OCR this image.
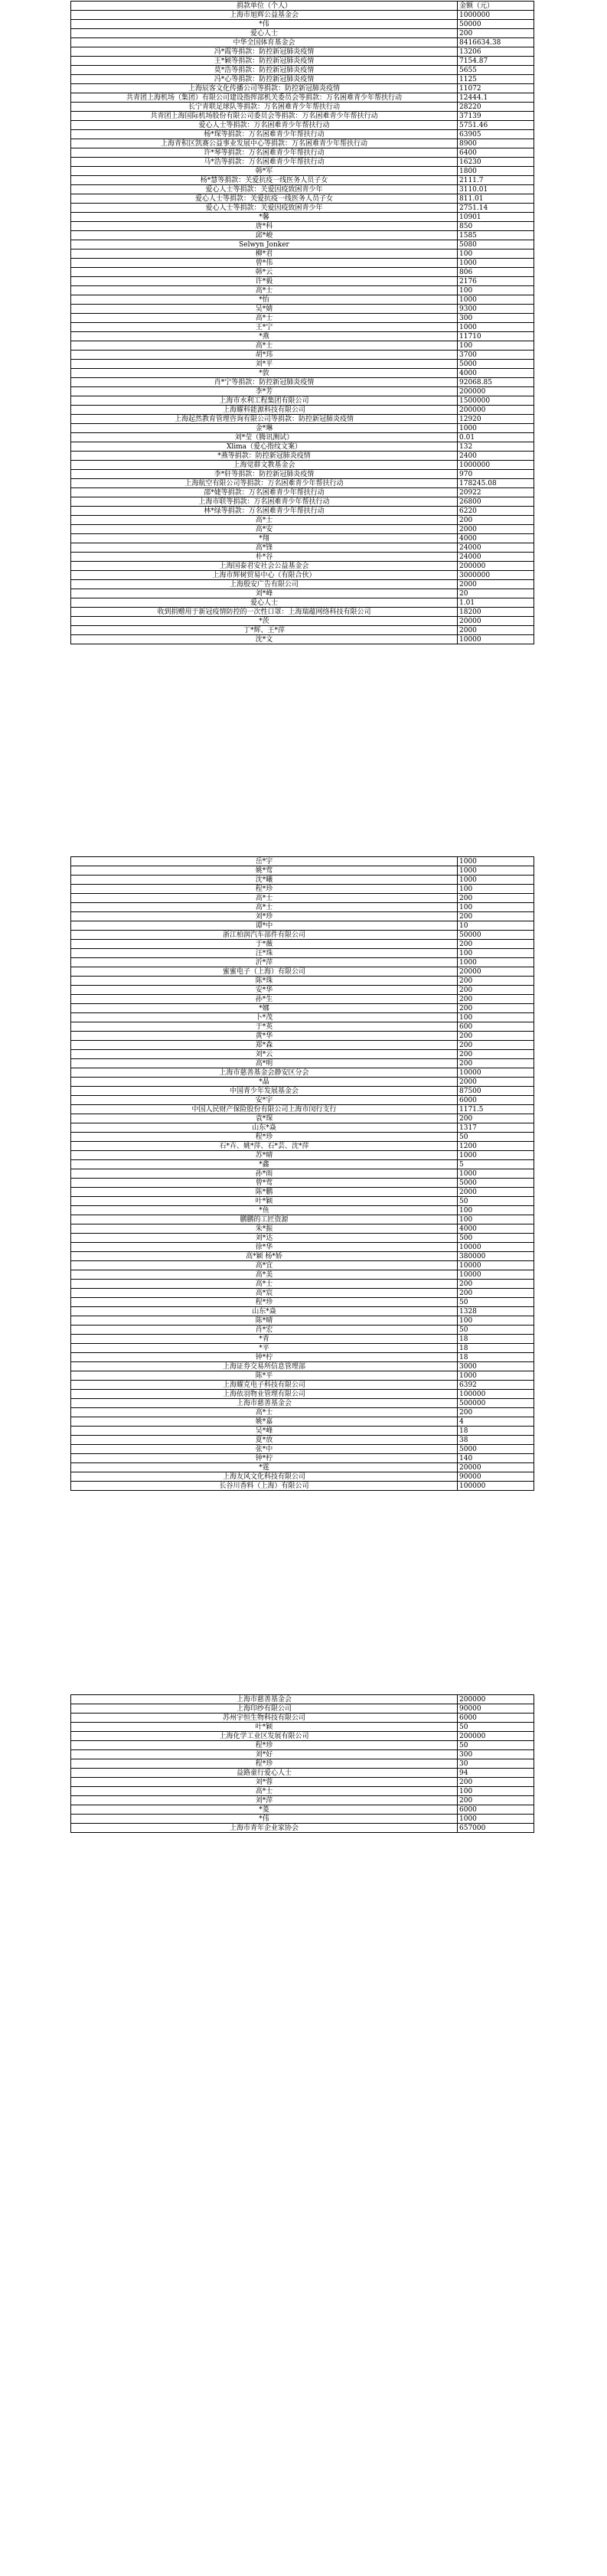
捐款单位（个人）	金额（元）
上海市旭辉公益基金会	1000000
*伟	50000
爱心人士	200
中华全国体育基金会	8416634.38
冯*霞等捐款：防控新冠肺炎疫情	13206
王*颖等捐款：防控新冠肺炎疫情	7154.87
莫*浩等捐款：防控新冠肺炎疫情	5655
冯*心等捐款：防控新冠肺炎疫情	1125
上海辰客文化传播公司等捐款：防控新冠肺炎疫情	11072
共青团上海机场（集团）有限公司建设指挥部机关委员会等捐款：万名困难青少年帮扶行动	12444.1
长宁青联足球队等捐款：万名困难青少年帮扶行动	28220
共青团上海国际机场股份有限公司委员会等捐款：万名困难青少年帮扶行动	37139
爱心人士等捐款：万名困难青少年帮扶行动	5751.46
杨*琛等捐款：万名困难青少年帮扶行动	63905
上海青积区凯赛公益事业发展中心等捐款：万名困难青少年帮扶行动	8900
许*琴等捐款：万名困难青少年帮扶行动	6400
马*浩等捐款：万名困难青少年帮扶行动	16230
韩*军	1800
杨*慧等捐款：关爱抗疫一线医务人员子女	2111.7
爱心人士等捐款：关爱因疫致困青少年	3110.01
爱心人士等捐款：关爱抗疫一线医务人员子女	811.01
爱心人士等捐款：关爱因疫致困青少年	2751.14
*馨	10901
唐*科	850
邱*峻	1585
Selwyn Jonker	5080
柳*君	100
曾*伟	1000
韩*云	806
许*毅	2176
高*士	100
*怡	1000
吴*婧	9300
高*士	300
王*宁	1000
*燕	11710
高*士	100
胡*玮	3700
刘*平	5000
*敦	4000
肖*宁等捐款：防控新冠肺炎疫情	92068.85
李*芳	200000
上海市水利工程集团有限公司	1500000
上海耀科能源科技有限公司	200000
上海起然教育管理咨询有限公司等捐款：防控新冠肺炎疫情	12920
金*琳	1000
刘*莹（腾讯测试）	0.01
Xlima（爱心指纹文案）	132
*燕等捐款：防控新冠肺炎疫情	2400
上海觉群文教基金会	1000000
李*轩等捐款：防控新冠肺炎疫情	970
上海航空有限公司等捐款：万名困难青少年帮扶行动	178245.08
邵*婕等捐款：万名困难青少年帮扶行动	20922
上海市联等捐款：万名困难青少年帮扶行动	26800
林*绿等捐款：万名困难青少年帮扶行动	6220
高*士	200
高*安	2000
*翔	4000
高*锋	24000
朴*谷	24000
上海国泰君安社会公益基金会	200000
上海市辉树贸易中心（有限合伙）	3000000
上海殷安广告有限公司	2000
刘*峰	20
爱心人士	1.01
收到捐赠用于新冠疫情防控的一次性口罩：上海瑞蕴网络科技有限公司	18200
*茨	20000
丁*辉、王*萍	2000
沈*文	10000
岳*宇	1000
姚*莺	1000
沈*曦	1000
程*珍	100
高*士	200
高*士	100
刘*珍	200
谭*中	10
浙江柏润汽车部件有限公司	50000
于*薇	200
汪*珠	100
沂*萍	1000
蜜蜜电子（上海）有限公司	20000
陈*珠	200
安*华	200
孙*生	200
*娜	200
卜*茂	100
于*英	600
黄*华	200
郑*森	200
刘*云	200
高*明	200
上海市慈善基金会静安区分会	10000
*晶	2000
中国青少年发展基金会	87500
安*宇	6000
中国人民财产保险股份有限公司上海市闵行支行	1171.5
袁*琛	200
山东*焱	1317
程*珍	50
石*卉、姚*萍、石*芸、沈*萍	1200
苏*晴	1000
*鑫	5
孙*雨	1000
曾*莺	5000
陈*鹏	2000
叶*颖	50
*鱼	100
鹏鹏的工匠资源	100
朱*振	4000
刘*达	500
徐*华	10000
高*颖 杨*娇	380000
高*宜	10000
高*美	10000
高*士	200
高*宸	200
程*珍	50
山东*焱	1328
陈*晴	100
肖*宏	50
*青	18
*平	18
钟*柠	18
上海证券交易所信息管理部	3000
陈*平	1000
上海耀克电子科技有限公司	6392
上海依羽物业管理有限公司	100000
上海市慈善基金会	500000
高*士	200
姚*嘉	4
吴*峰	18
夏*放	38
张*中	5000
钟*柠	140
*霆	20000
上海友风文化科技有限公司	90000
长谷川香料（上海）有限公司	100000
上海市慈善基金会	200000
上海印纱有限公司	90000
苏州宇恒生物科技有限公司	6000
叶*颖	50
上海化学工业区发展有限公司	200000
程*珍	50
刘*好	300
程*珍	30
益路童行爱心人士	94
刘*蓉	200
高*士	100
刘*萍	200
*菱	6000
*伟	1000
上海市青年企业家协会	657000
